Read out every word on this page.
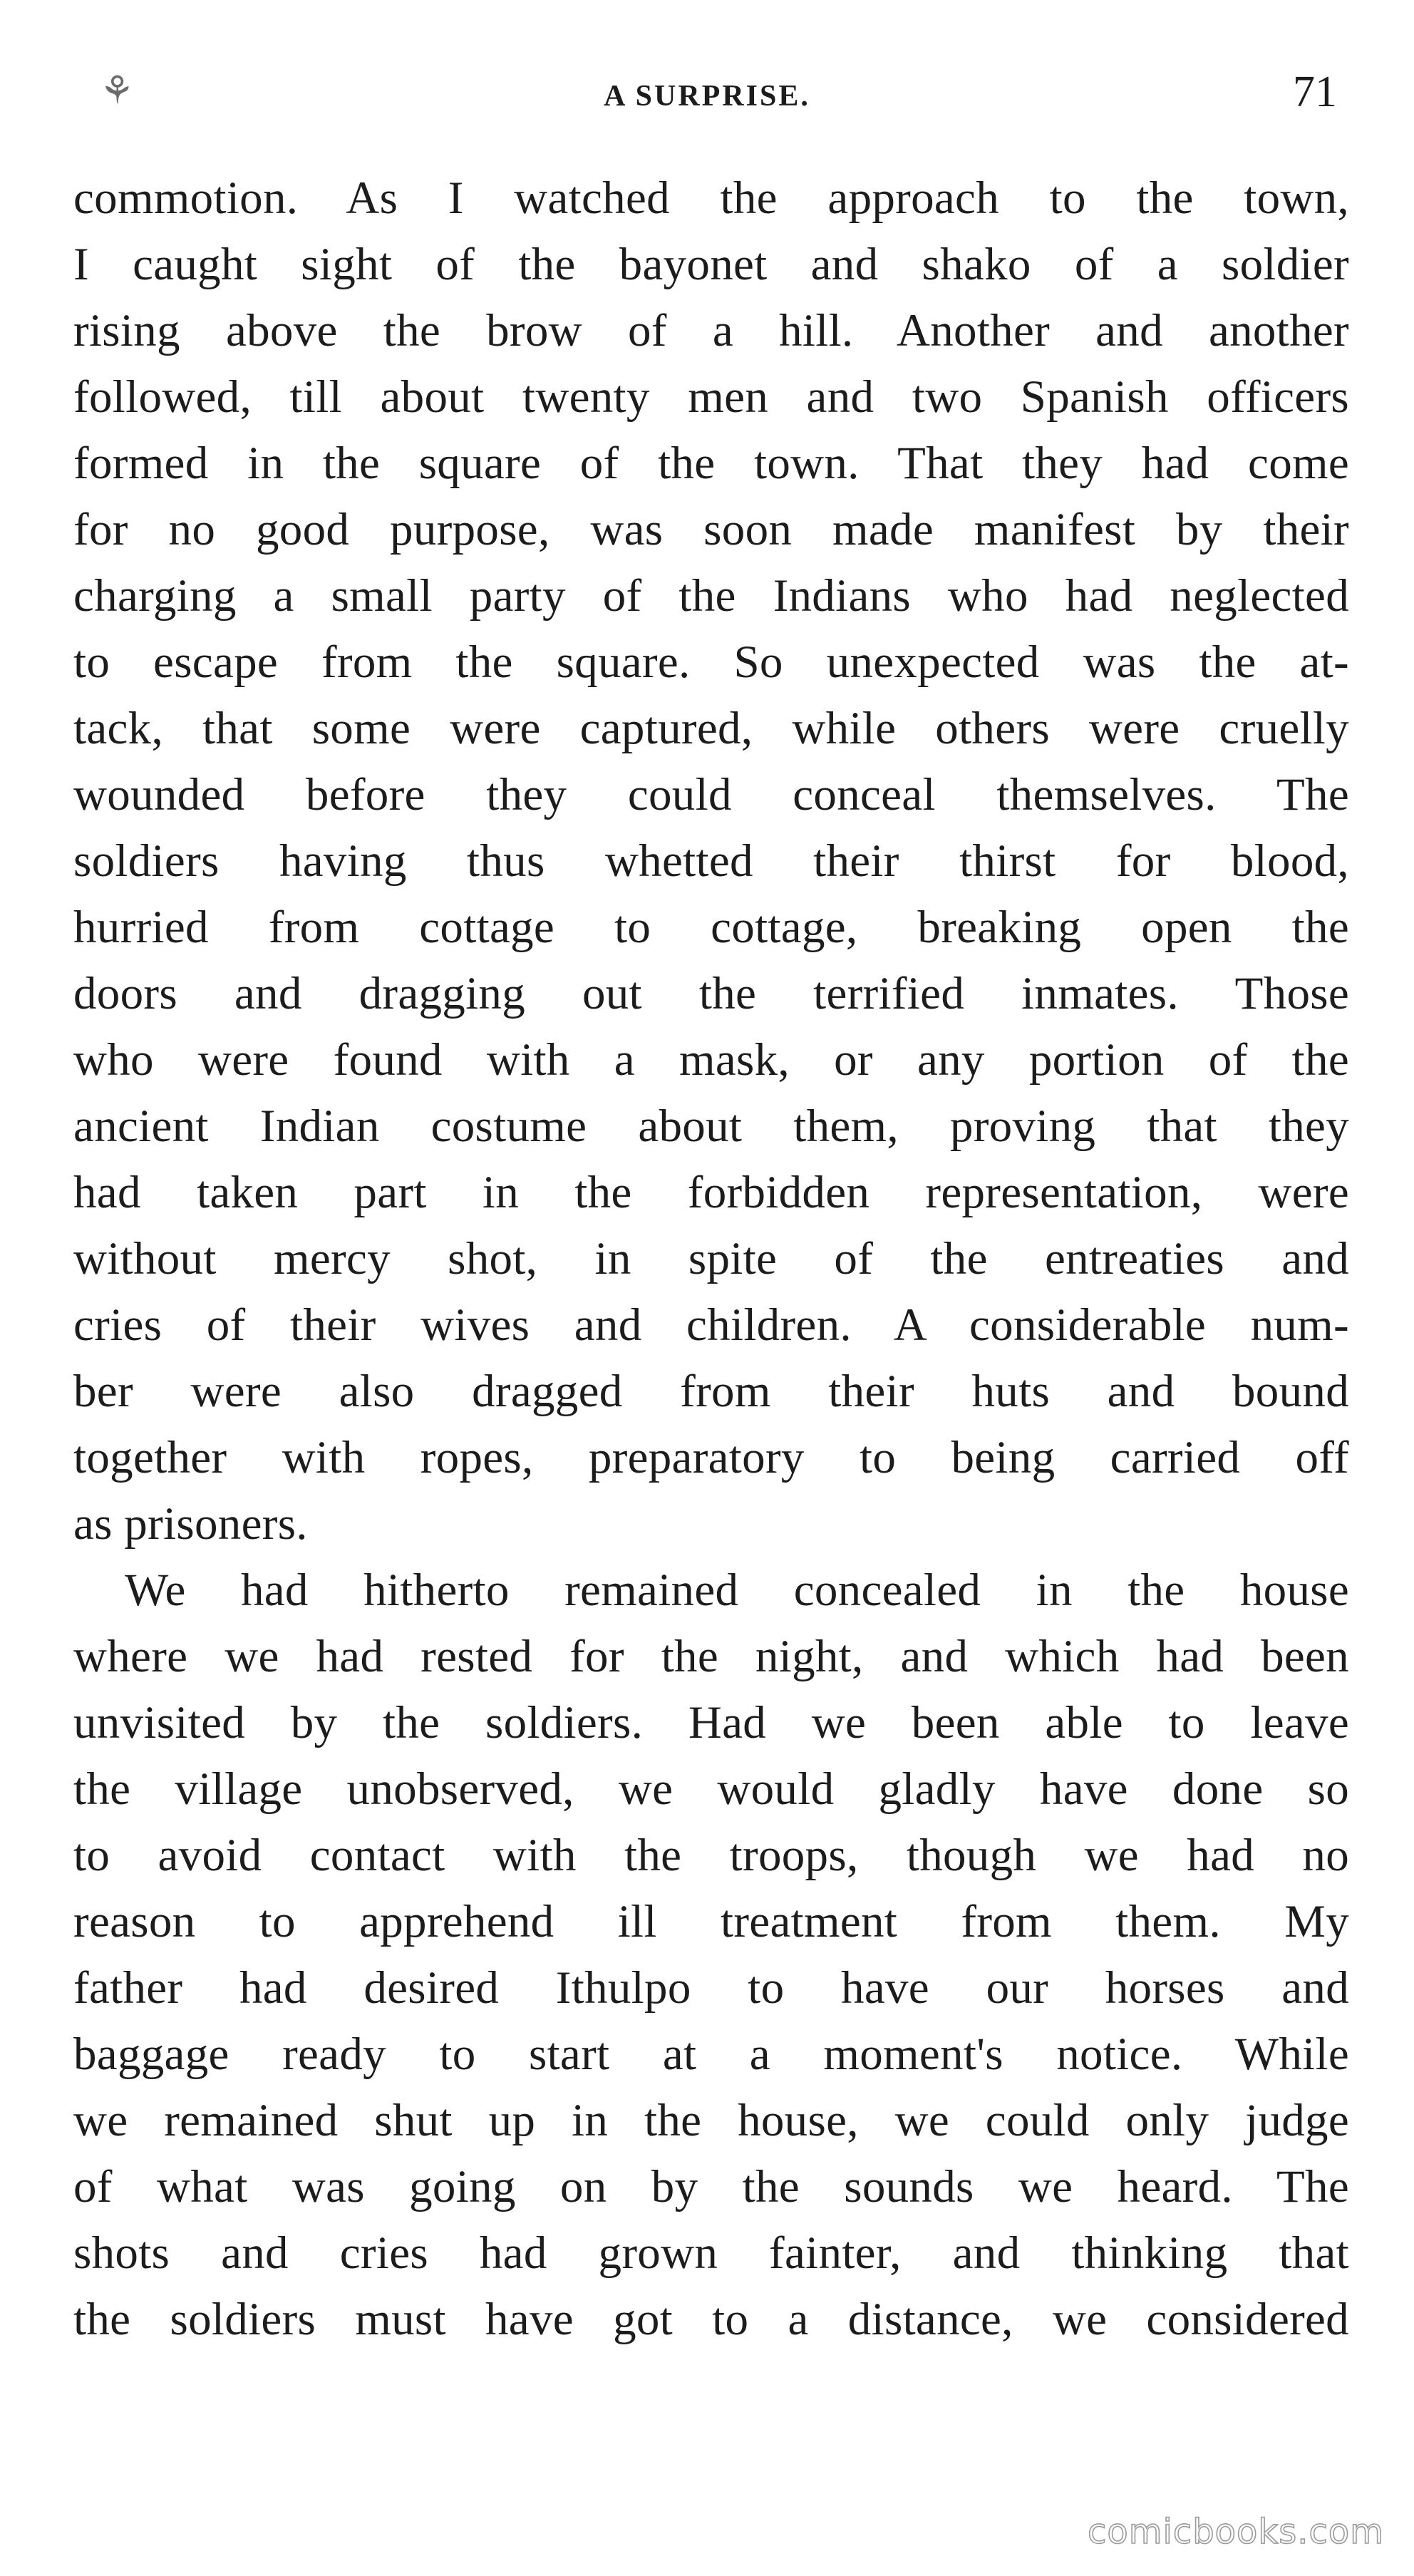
⚘	A SURPRISE.	71
commotion. As I watched the approach to the town,
I caught sight of the bayonet and shako of a soldier
rising above the brow of a hill. Another and another
followed, till about twenty men and two Spanish officers
formed in the square of the town. That they had come
for no good purpose, was soon made manifest by their
charging a small party of the Indians who had neglected
to escape from the square. So unexpected was the at-
tack, that some were captured, while others were cruelly
wounded before they could conceal themselves. The
soldiers having thus whetted their thirst for blood,
hurried from cottage to cottage, breaking open the
doors and dragging out the terrified inmates. Those
who were found with a mask, or any portion of the
ancient Indian costume about them, proving that they
had taken part in the forbidden representation, were
without mercy shot, in spite of the entreaties and
cries of their wives and children. A considerable num-
ber were also dragged from their huts and bound
together with ropes, preparatory to being carried off
as prisoners.
We had hitherto remained concealed in the house
where we had rested for the night, and which had been
unvisited by the soldiers. Had we been able to leave
the village unobserved, we would gladly have done so
to avoid contact with the troops, though we had no
reason to apprehend ill treatment from them. My
father had desired Ithulpo to have our horses and
baggage ready to start at a moment's notice. While
we remained shut up in the house, we could only judge
of what was going on by the sounds we heard. The
shots and cries had grown fainter, and thinking that
the soldiers must have got to a distance, we considered
comicbooks.com
